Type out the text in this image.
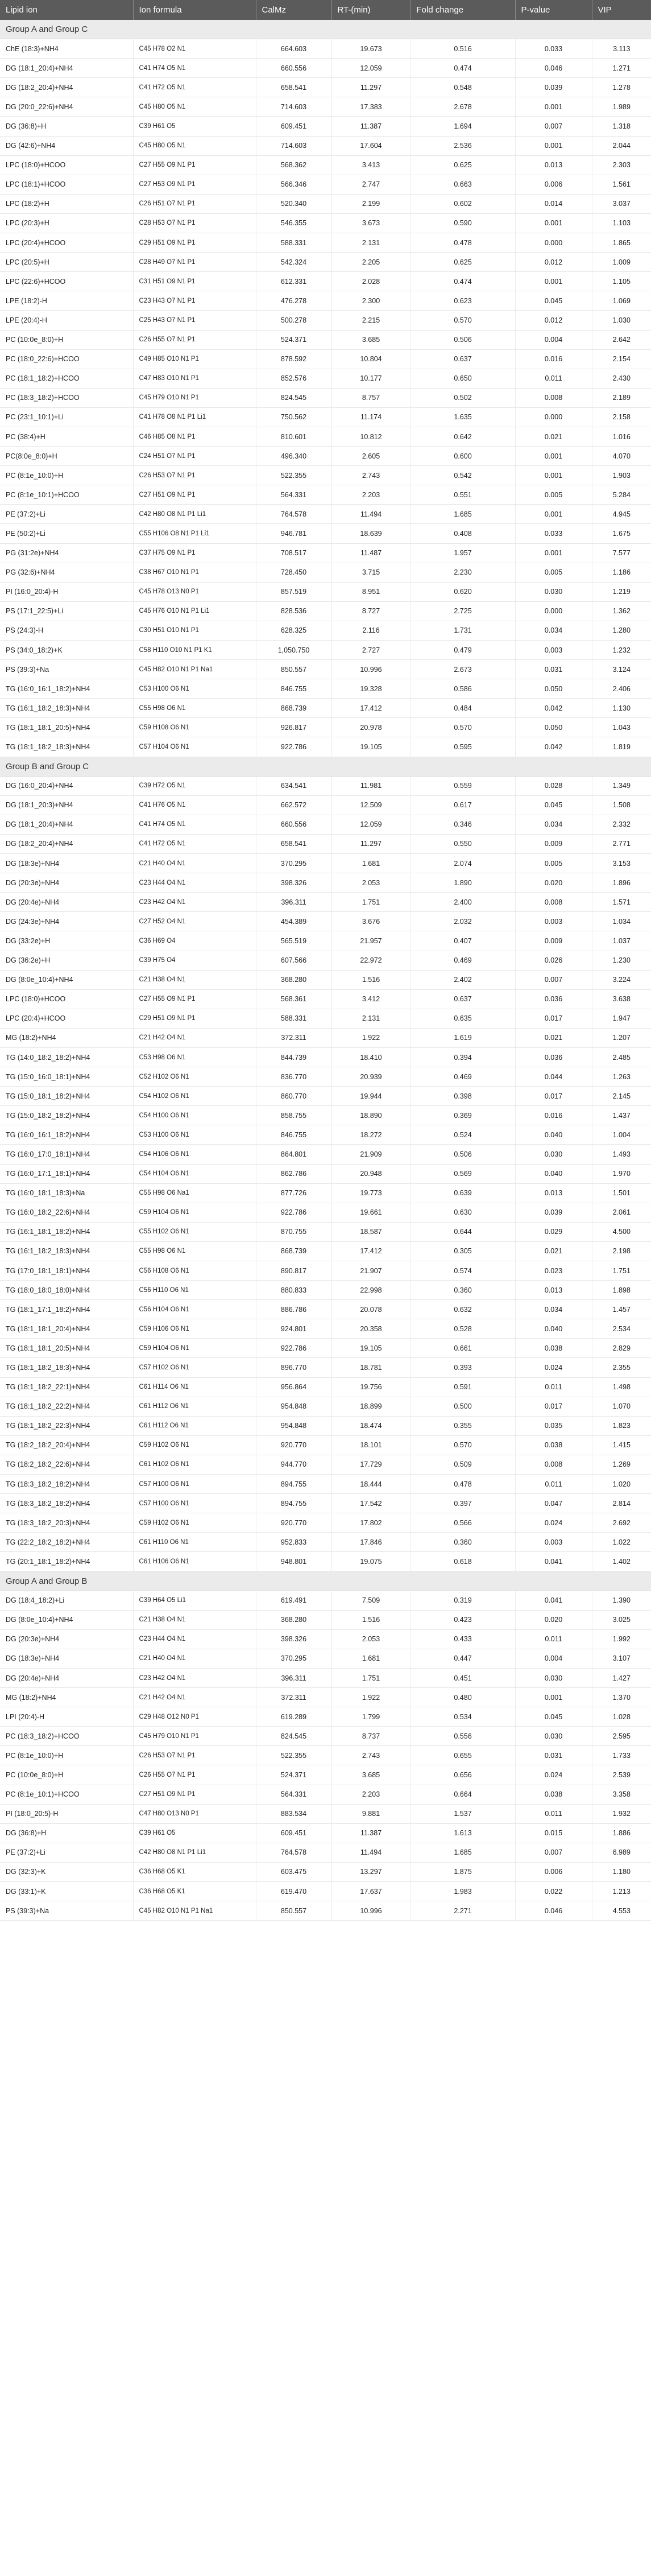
Lipid ion	Ion formula	CalMz	RT-(min)	Fold change	P-value	VIP
Group A and Group C						
ChE (18:3)+NH4	C45 H78 O2 N1	664.603	19.673	0.516	0.033	3.113
DG (18:1_20:4)+NH4	C41 H74 O5 N1	660.556	12.059	0.474	0.046	1.271
DG (18:2_20:4)+NH4	C41 H72 O5 N1	658.541	11.297	0.548	0.039	1.278
DG (20:0_22:6)+NH4	C45 H80 O5 N1	714.603	17.383	2.678	0.001	1.989
DG (36:8)+H	C39 H61 O5	609.451	11.387	1.694	0.007	1.318
DG (42:6)+NH4	C45 H80 O5 N1	714.603	17.604	2.536	0.001	2.044
LPC (18:0)+HCOO	C27 H55 O9 N1 P1	568.362	3.413	0.625	0.013	2.303
LPC (18:1)+HCOO	C27 H53 O9 N1 P1	566.346	2.747	0.663	0.006	1.561
LPC (18:2)+H	C26 H51 O7 N1 P1	520.340	2.199	0.602	0.014	3.037
LPC (20:3)+H	C28 H53 O7 N1 P1	546.355	3.673	0.590	0.001	1.103
LPC (20:4)+HCOO	C29 H51 O9 N1 P1	588.331	2.131	0.478	0.000	1.865
LPC (20:5)+H	C28 H49 O7 N1 P1	542.324	2.205	0.625	0.012	1.009
LPC (22:6)+HCOO	C31 H51 O9 N1 P1	612.331	2.028	0.474	0.001	1.105
LPE (18:2)-H	C23 H43 O7 N1 P1	476.278	2.300	0.623	0.045	1.069
LPE (20:4)-H	C25 H43 O7 N1 P1	500.278	2.215	0.570	0.012	1.030
PC (10:0e_8:0)+H	C26 H55 O7 N1 P1	524.371	3.685	0.506	0.004	2.642
PC (18:0_22:6)+HCOO	C49 H85 O10 N1 P1	878.592	10.804	0.637	0.016	2.154
PC (18:1_18:2)+HCOO	C47 H83 O10 N1 P1	852.576	10.177	0.650	0.011	2.430
PC (18:3_18:2)+HCOO	C45 H79 O10 N1 P1	824.545	8.757	0.502	0.008	2.189
PC (23:1_10:1)+Li	C41 H78 O8 N1 P1 Li1	750.562	11.174	1.635	0.000	2.158
PC (38:4)+H	C46 H85 O8 N1 P1	810.601	10.812	0.642	0.021	1.016
PC(8:0e_8:0)+H	C24 H51 O7 N1 P1	496.340	2.605	0.600	0.001	4.070
PC (8:1e_10:0)+H	C26 H53 O7 N1 P1	522.355	2.743	0.542	0.001	1.903
PC (8:1e_10:1)+HCOO	C27 H51 O9 N1 P1	564.331	2.203	0.551	0.005	5.284
PE (37:2)+Li	C42 H80 O8 N1 P1 Li1	764.578	11.494	1.685	0.001	4.945
PE (50:2)+Li	C55 H106 O8 N1 P1 Li1	946.781	18.639	0.408	0.033	1.675
PG (31:2e)+NH4	C37 H75 O9 N1 P1	708.517	11.487	1.957	0.001	7.577
PG (32:6)+NH4	C38 H67 O10 N1 P1	728.450	3.715	2.230	0.005	1.186
PI (16:0_20:4)-H	C45 H78 O13 N0 P1	857.519	8.951	0.620	0.030	1.219
PS (17:1_22:5)+Li	C45 H76 O10 N1 P1 Li1	828.536	8.727	2.725	0.000	1.362
PS (24:3)-H	C30 H51 O10 N1 P1	628.325	2.116	1.731	0.034	1.280
PS (34:0_18:2)+K	C58 H110 O10 N1 P1 K1	1,050.750	2.727	0.479	0.003	1.232
PS (39:3)+Na	C45 H82 O10 N1 P1 Na1	850.557	10.996	2.673	0.031	3.124
TG (16:0_16:1_18:2)+NH4	C53 H100 O6 N1	846.755	19.328	0.586	0.050	2.406
TG (16:1_18:2_18:3)+NH4	C55 H98 O6 N1	868.739	17.412	0.484	0.042	1.130
TG (18:1_18:1_20:5)+NH4	C59 H108 O6 N1	926.817	20.978	0.570	0.050	1.043
TG (18:1_18:2_18:3)+NH4	C57 H104 O6 N1	922.786	19.105	0.595	0.042	1.819
Group B and Group C						
DG (16:0_20:4)+NH4	C39 H72 O5 N1	634.541	11.981	0.559	0.028	1.349
DG (18:1_20:3)+NH4	C41 H76 O5 N1	662.572	12.509	0.617	0.045	1.508
DG (18:1_20:4)+NH4	C41 H74 O5 N1	660.556	12.059	0.346	0.034	2.332
DG (18:2_20:4)+NH4	C41 H72 O5 N1	658.541	11.297	0.550	0.009	2.771
DG (18:3e)+NH4	C21 H40 O4 N1	370.295	1.681	2.074	0.005	3.153
DG (20:3e)+NH4	C23 H44 O4 N1	398.326	2.053	1.890	0.020	1.896
DG (20:4e)+NH4	C23 H42 O4 N1	396.311	1.751	2.400	0.008	1.571
DG (24:3e)+NH4	C27 H52 O4 N1	454.389	3.676	2.032	0.003	1.034
DG (33:2e)+H	C36 H69 O4	565.519	21.957	0.407	0.009	1.037
DG (36:2e)+H	C39 H75 O4	607.566	22.972	0.469	0.026	1.230
DG (8:0e_10:4)+NH4	C21 H38 O4 N1	368.280	1.516	2.402	0.007	3.224
LPC (18:0)+HCOO	C27 H55 O9 N1 P1	568.361	3.412	0.637	0.036	3.638
LPC (20:4)+HCOO	C29 H51 O9 N1 P1	588.331	2.131	0.635	0.017	1.947
MG (18:2)+NH4	C21 H42 O4 N1	372.311	1.922	1.619	0.021	1.207
TG (14:0_18:2_18:2)+NH4	C53 H98 O6 N1	844.739	18.410	0.394	0.036	2.485
TG (15:0_16:0_18:1)+NH4	C52 H102 O6 N1	836.770	20.939	0.469	0.044	1.263
TG (15:0_18:1_18:2)+NH4	C54 H102 O6 N1	860.770	19.944	0.398	0.017	2.145
TG (15:0_18:2_18:2)+NH4	C54 H100 O6 N1	858.755	18.890	0.369	0.016	1.437
TG (16:0_16:1_18:2)+NH4	C53 H100 O6 N1	846.755	18.272	0.524	0.040	1.004
TG (16:0_17:0_18:1)+NH4	C54 H106 O6 N1	864.801	21.909	0.506	0.030	1.493
TG (16:0_17:1_18:1)+NH4	C54 H104 O6 N1	862.786	20.948	0.569	0.040	1.970
TG (16:0_18:1_18:3)+Na	C55 H98 O6 Na1	877.726	19.773	0.639	0.013	1.501
TG (16:0_18:2_22:6)+NH4	C59 H104 O6 N1	922.786	19.661	0.630	0.039	2.061
TG (16:1_18:1_18:2)+NH4	C55 H102 O6 N1	870.755	18.587	0.644	0.029	4.500
TG (16:1_18:2_18:3)+NH4	C55 H98 O6 N1	868.739	17.412	0.305	0.021	2.198
TG (17:0_18:1_18:1)+NH4	C56 H108 O6 N1	890.817	21.907	0.574	0.023	1.751
TG (18:0_18:0_18:0)+NH4	C56 H110 O6 N1	880.833	22.998	0.360	0.013	1.898
TG (18:1_17:1_18:2)+NH4	C56 H104 O6 N1	886.786	20.078	0.632	0.034	1.457
TG (18:1_18:1_20:4)+NH4	C59 H106 O6 N1	924.801	20.358	0.528	0.040	2.534
TG (18:1_18:1_20:5)+NH4	C59 H104 O6 N1	922.786	19.105	0.661	0.038	2.829
TG (18:1_18:2_18:3)+NH4	C57 H102 O6 N1	896.770	18.781	0.393	0.024	2.355
TG (18:1_18:2_22:1)+NH4	C61 H114 O6 N1	956.864	19.756	0.591	0.011	1.498
TG (18:1_18:2_22:2)+NH4	C61 H112 O6 N1	954.848	18.899	0.500	0.017	1.070
TG (18:1_18:2_22:3)+NH4	C61 H112 O6 N1	954.848	18.474	0.355	0.035	1.823
TG (18:2_18:2_20:4)+NH4	C59 H102 O6 N1	920.770	18.101	0.570	0.038	1.415
TG (18:2_18:2_22:6)+NH4	C61 H102 O6 N1	944.770	17.729	0.509	0.008	1.269
TG (18:3_18:2_18:2)+NH4	C57 H100 O6 N1	894.755	18.444	0.478	0.011	1.020
TG (18:3_18:2_18:2)+NH4	C57 H100 O6 N1	894.755	17.542	0.397	0.047	2.814
TG (18:3_18:2_20:3)+NH4	C59 H102 O6 N1	920.770	17.802	0.566	0.024	2.692
TG (22:2_18:2_18:2)+NH4	C61 H110 O6 N1	952.833	17.846	0.360	0.003	1.022
TG (20:1_18:1_18:2)+NH4	C61 H106 O6 N1	948.801	19.075	0.618	0.041	1.402
Group A and Group B						
DG (18:4_18:2)+Li	C39 H64 O5 Li1	619.491	7.509	0.319	0.041	1.390
DG (8:0e_10:4)+NH4	C21 H38 O4 N1	368.280	1.516	0.423	0.020	3.025
DG (20:3e)+NH4	C23 H44 O4 N1	398.326	2.053	0.433	0.011	1.992
DG (18:3e)+NH4	C21 H40 O4 N1	370.295	1.681	0.447	0.004	3.107
DG (20:4e)+NH4	C23 H42 O4 N1	396.311	1.751	0.451	0.030	1.427
MG (18:2)+NH4	C21 H42 O4 N1	372.311	1.922	0.480	0.001	1.370
LPI (20:4)-H	C29 H48 O12 N0 P1	619.289	1.799	0.534	0.045	1.028
PC (18:3_18:2)+HCOO	C45 H79 O10 N1 P1	824.545	8.737	0.556	0.030	2.595
PC (8:1e_10:0)+H	C26 H53 O7 N1 P1	522.355	2.743	0.655	0.031	1.733
PC (10:0e_8:0)+H	C26 H55 O7 N1 P1	524.371	3.685	0.656	0.024	2.539
PC (8:1e_10:1)+HCOO	C27 H51 O9 N1 P1	564.331	2.203	0.664	0.038	3.358
PI (18:0_20:5)-H	C47 H80 O13 N0 P1	883.534	9.881	1.537	0.011	1.932
DG (36:8)+H	C39 H61 O5	609.451	11.387	1.613	0.015	1.886
PE (37:2)+Li	C42 H80 O8 N1 P1 Li1	764.578	11.494	1.685	0.007	6.989
DG (32:3)+K	C36 H68 O5 K1	603.475	13.297	1.875	0.006	1.180
DG (33:1)+K	C36 H68 O5 K1	619.470	17.637	1.983	0.022	1.213
PS (39:3)+Na	C45 H82 O10 N1 P1 Na1	850.557	10.996	2.271	0.046	4.553
